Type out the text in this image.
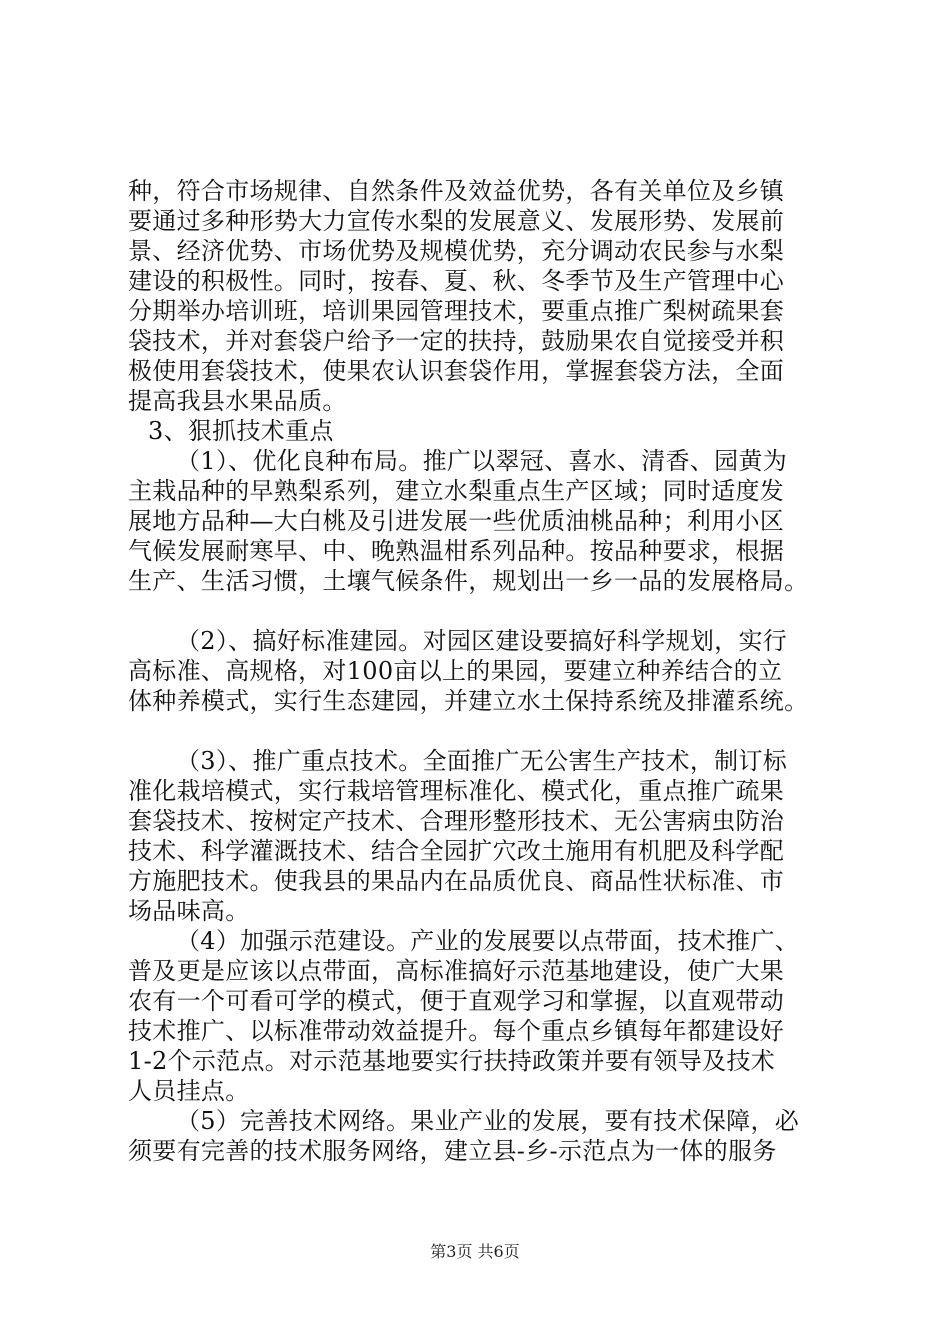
种，符合市场规律、自然条件及效益优势，各有关单位及乡镇
要通过多种形势大力宣传水梨的发展意义、发展形势、发展前
景、经济优势、市场优势及规模优势，充分调动农民参与水梨
建设的积极性。同时，按春、夏、秋、冬季节及生产管理中心
分期举办培训班，培训果园管理技术，要重点推广梨树疏果套
袋技术，并对套袋户给予一定的扶持，鼓励果农自觉接受并积
极使用套袋技术，使果农认识套袋作用，掌握套袋方法，全面
提高我县水果品质。
3、狠抓技术重点
（1）、优化良种布局。推广以翠冠、喜水、清香、园黄为
主栽品种的早熟梨系列，建立水梨重点生产区域；同时适度发
展地方品种—大白桃及引进发展一些优质油桃品种；利用小区
气候发展耐寒早、中、晚熟温柑系列品种。按品种要求，根据
生产、生活习惯，土壤气候条件，规划出一乡一品的发展格局。
（2）、搞好标准建园。对园区建设要搞好科学规划，实行
高标准、高规格，对100亩以上的果园，要建立种养结合的立
体种养模式，实行生态建园，并建立水土保持系统及排灌系统。
（3）、推广重点技术。全面推广无公害生产技术，制订标
准化栽培模式，实行栽培管理标准化、模式化，重点推广疏果
套袋技术、按树定产技术、合理形整形技术、无公害病虫防治
技术、科学灌溉技术、结合全园扩穴改土施用有机肥及科学配
方施肥技术。使我县的果品内在品质优良、商品性状标准、市
场品味高。
（4）加强示范建设。产业的发展要以点带面，技术推广、
普及更是应该以点带面，高标准搞好示范基地建设，使广大果
农有一个可看可学的模式，便于直观学习和掌握，以直观带动
技术推广、以标准带动效益提升。每个重点乡镇每年都建设好
1-2个示范点。对示范基地要实行扶持政策并要有领导及技术
人员挂点。
（5）完善技术网络。果业产业的发展，要有技术保障，必
须要有完善的技术服务网络，建立县-乡-示范点为一体的服务
第3页 共6页
